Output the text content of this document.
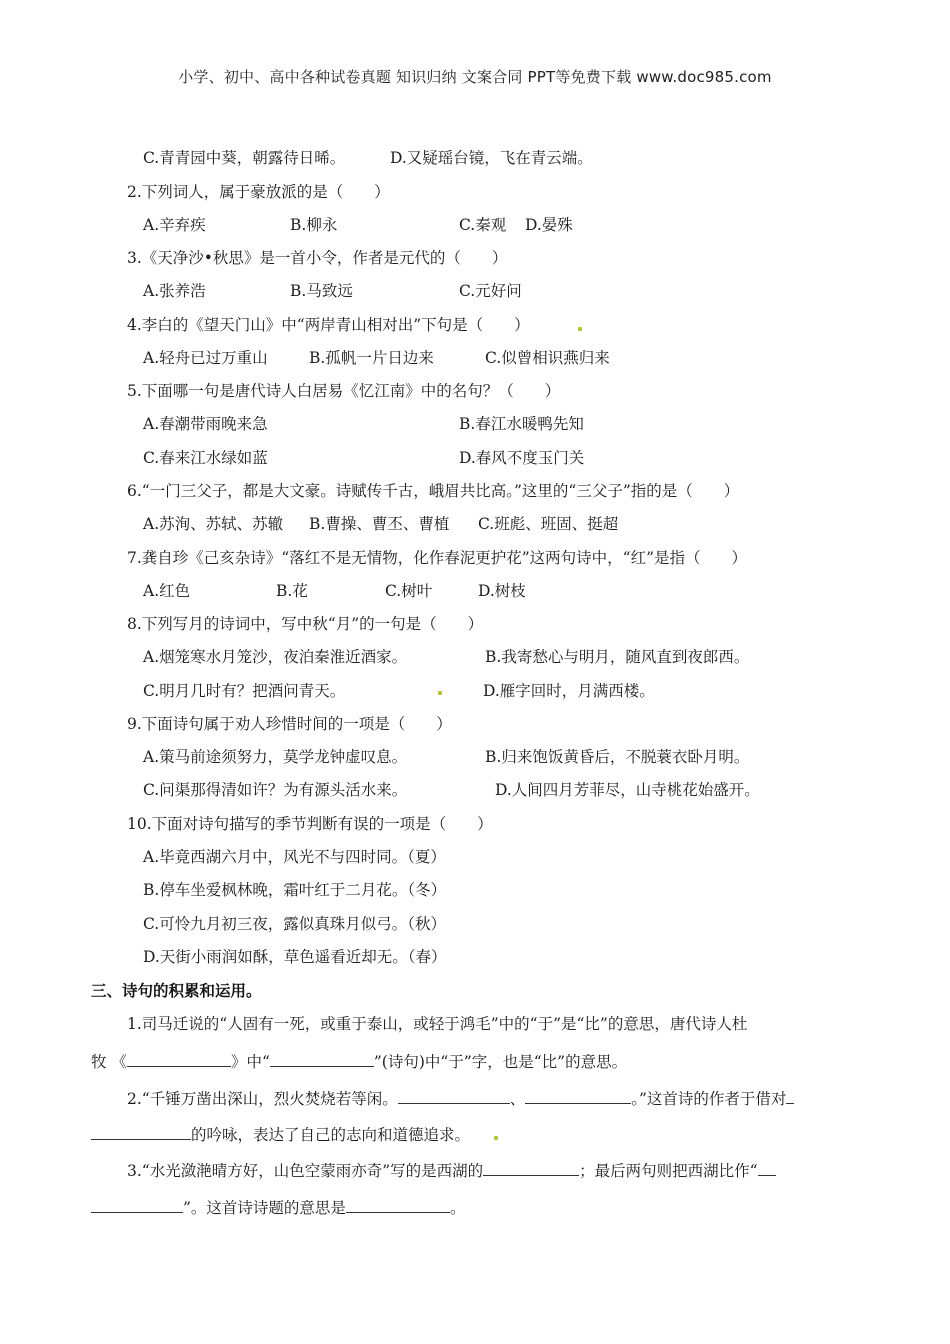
小学、初中、高中各种试卷真题 知识归纳 文案合同 PPT等免费下载 www.doc985.com
C.青青园中葵，朝露待日晞。	D.又疑瑶台镜，飞在青云端。
2.下列词人，属于豪放派的是（　　）
A.辛弃疾	B.柳永	C.秦观 D.晏殊
3.《天净沙•秋思》是一首小令，作者是元代的（　　）
A.张养浩	B.马致远	C.元好问
4.李白的《望天门山》中“两岸青山相对出”下句是（　　）
A.轻舟已过万重山	B.孤帆一片日边来	C.似曾相识燕归来
5.下面哪一句是唐代诗人白居易《忆江南》中的名句？（　　）
A.春潮带雨晚来急	B.春江水暖鸭先知
C.春来江水绿如蓝	D.春风不度玉门关
6.“一门三父子，都是大文豪。诗赋传千古，峨眉共比高。”这里的“三父子”指的是（　　）
A.苏洵、苏轼、苏辙 B.曹操、曹丕、曹植 C.班彪、班固、挺超
7.龚自珍《己亥杂诗》“落红不是无情物，化作春泥更护花”这两句诗中，“红”是指（　　）
A.红色	B.花	C.树叶	D.树枝
8.下列写月的诗词中，写中秋“月”的一句是（　　）
A.烟笼寒水月笼沙，夜泊秦淮近酒家。	B.我寄愁心与明月，随风直到夜郎西。
C.明月几时有？把酒问青天。	D.雁字回时，月满西楼。
9.下面诗句属于劝人珍惜时间的一项是（　　）
A.策马前途须努力，莫学龙钟虚叹息。	B.归来饱饭黄昏后，不脱蓑衣卧月明。
C.问渠那得清如许？为有源头活水来。	D.人间四月芳菲尽，山寺桃花始盛开。
10.下面对诗句描写的季节判断有误的一项是（　　）
A.毕竟西湖六月中，风光不与四时同。（夏）
B.停车坐爱枫林晚，霜叶红于二月花。（冬）
C.可怜九月初三夜，露似真珠月似弓。（秋）
D.天街小雨润如酥，草色遥看近却无。（春）
三、诗句的积累和运用。
1.司马迁说的“人固有一死，或重于泰山，或轻于鸿毛”中的“于”是“比”的意思，唐代诗人杜
牧 《	》中“	”(诗句)中“于”字，也是“比”的意思。
2.“千锤万凿出深山，烈火焚烧若等闲。	、	。”这首诗的作者于借对
的吟咏，表达了自己的志向和道德追求。
3.“水光潋滟晴方好，山色空蒙雨亦奇”写的是西湖的	；最后两句则把西湖比作“
”。这首诗诗题的意思是	。
